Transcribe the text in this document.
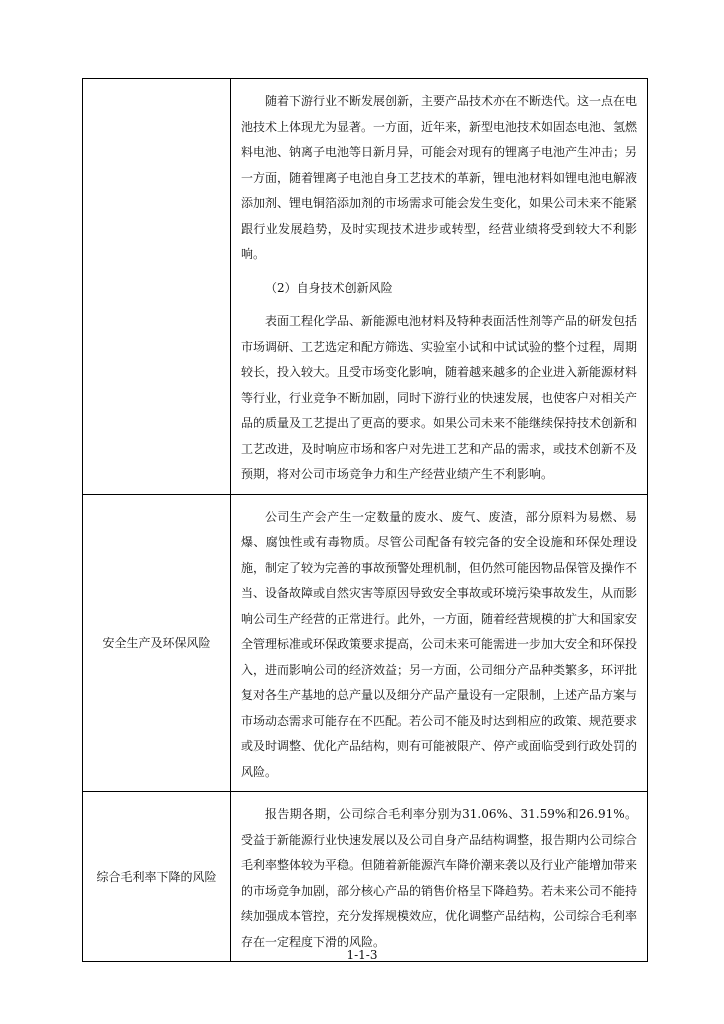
	随着下游行业不断发展创新，主要产品技术亦在不断迭代。这一点在电池技术上体现尤为显著。一方面，近年来，新型电池技术如固态电池、氢燃料电池、钠离子电池等日新月异，可能会对现有的锂离子电池产生冲击；另一方面，随着锂离子电池自身工艺技术的革新，锂电池材料如锂电池电解液添加剂、锂电铜箔添加剂的市场需求可能会发生变化，如果公司未来不能紧跟行业发展趋势，及时实现技术进步或转型，经营业绩将受到较大不利影响。

（2）自身技术创新风险

表面工程化学品、新能源电池材料及特种表面活性剂等产品的研发包括市场调研、工艺选定和配方筛选、实验室小试和中试试验的整个过程，周期较长，投入较大。且受市场变化影响，随着越来越多的企业进入新能源材料等行业，行业竞争不断加剧，同时下游行业的快速发展，也使客户对相关产品的质量及工艺提出了更高的要求。如果公司未来不能继续保持技术创新和工艺改进，及时响应市场和客户对先进工艺和产品的需求，或技术创新不及预期，将对公司市场竞争力和生产经营业绩产生不利影响。

安全生产及环保风险	公司生产会产生一定数量的废水、废气、废渣，部分原料为易燃、易爆、腐蚀性或有毒物质。尽管公司配备有较完备的安全设施和环保处理设施，制定了较为完善的事故预警处理机制，但仍然可能因物品保管及操作不当、设备故障或自然灾害等原因导致安全事故或环境污染事故发生，从而影响公司生产经营的正常进行。此外，一方面，随着经营规模的扩大和国家安全管理标准或环保政策要求提高，公司未来可能需进一步加大安全和环保投入，进而影响公司的经济效益；另一方面，公司细分产品种类繁多，环评批复对各生产基地的总产量以及细分产品产量设有一定限制，上述产品方案与市场动态需求可能存在不匹配。若公司不能及时达到相应的政策、规范要求或及时调整、优化产品结构，则有可能被限产、停产或面临受到行政处罚的风险。

综合毛利率下降的风险	报告期各期，公司综合毛利率分别为31.06%、31.59%和26.91%。受益于新能源行业快速发展以及公司自身产品结构调整，报告期内公司综合毛利率整体较为平稳。但随着新能源汽车降价潮来袭以及行业产能增加带来的市场竞争加剧，部分核心产品的销售价格呈下降趋势。若未来公司不能持续加强成本管控，充分发挥规模效应，优化调整产品结构，公司综合毛利率存在一定程度下滑的风险。

1-1-3
